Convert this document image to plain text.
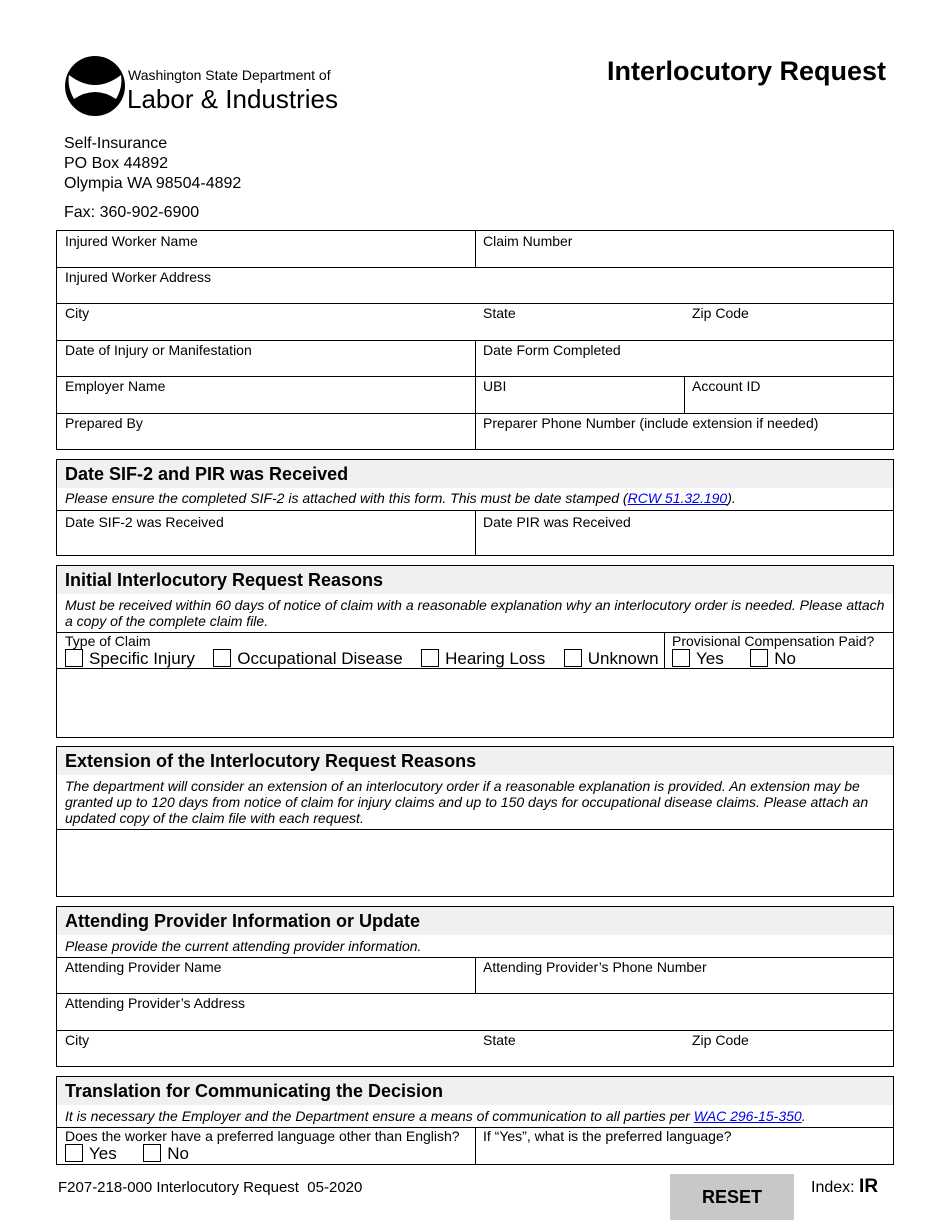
Washington State Department of
Labor & Industries
Interlocutory Request
Self-Insurance
PO Box 44892
Olympia WA 98504-4892
Fax: 360-902-6900
Injured Worker Name	Claim Number
Injured Worker Address
City	State	Zip Code
Date of Injury or Manifestation	Date Form Completed
Employer Name	UBI	Account ID
Prepared By	Preparer Phone Number (include extension if needed)
Date SIF-2 and PIR was Received
Please ensure the completed SIF-2 is attached with this form. This must be date stamped (RCW 51.32.190).
Date SIF-2 was Received	Date PIR was Received
Initial Interlocutory Request Reasons
Must be received within 60 days of notice of claim with a reasonable explanation why an interlocutory order is needed. Please attach a copy of the complete claim file.
Type of Claim
Specific Injury Occupational Disease Hearing Loss Unknown
Provisional Compensation Paid?
Yes	No
Extension of the Interlocutory Request Reasons
The department will consider an extension of an interlocutory order if a reasonable explanation is provided. An extension may be granted up to 120 days from notice of claim for injury claims and up to 150 days for occupational disease claims. Please attach an updated copy of the claim file with each request.
Attending Provider Information or Update
Please provide the current attending provider information.
Attending Provider Name	Attending Provider’s Phone Number
Attending Provider’s Address
City	State	Zip Code
Translation for Communicating the Decision
It is necessary the Employer and the Department ensure a means of communication to all parties per WAC 296-15-350.
Does the worker have a preferred language other than English?
Yes	No
If “Yes”, what is the preferred language?
F207-218-000 Interlocutory Request  05-2020	RESET	Index: IR
